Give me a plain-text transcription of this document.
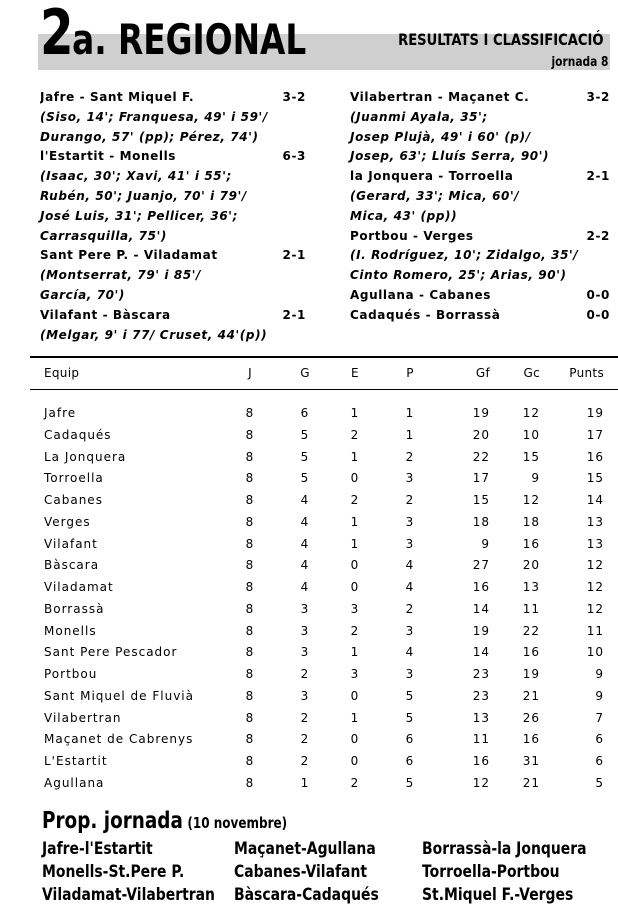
2a. REGIONAL	RESULTATS I CLASSIFICACIÓ
jornada 8
Jafre - Sant Miquel F.	3-2
(Siso, 14'; Franquesa, 49' i 59'/
Durango, 57' (pp); Pérez, 74')
l'Estartit - Monells	6-3
(Isaac, 30'; Xavi, 41' i 55';
Rubén, 50'; Juanjo, 70' i 79'/
José Luis, 31'; Pellicer, 36';
Carrasquilla, 75')
Sant Pere P. - Viladamat	2-1
(Montserrat, 79' i 85'/
García, 70')
Vilafant - Bàscara	2-1
(Melgar, 9' i 77/ Cruset, 44'(p))
Vilabertran - Maçanet C.	3-2
(Juanmi Ayala, 35';
Josep Plujà, 49' i 60' (p)/
Josep, 63'; Lluís Serra, 90')
la Jonquera - Torroella	2-1
(Gerard, 33'; Mica, 60'/
Mica, 43' (pp))
Portbou - Verges	2-2
(I. Rodríguez, 10'; Zidalgo, 35'/
Cinto Romero, 25'; Arias, 90')
Agullana - Cabanes	0-0
Cadaqués - Borrassà	0-0
Equip	J	G	E	P	Gf	Gc	Punts
Jafre	8	6	1	1	19	12	19
Cadaqués	8	5	2	1	20	10	17
La Jonquera	8	5	1	2	22	15	16
Torroella	8	5	0	3	17	9	15
Cabanes	8	4	2	2	15	12	14
Verges	8	4	1	3	18	18	13
Vilafant	8	4	1	3	9	16	13
Bàscara	8	4	0	4	27	20	12
Viladamat	8	4	0	4	16	13	12
Borrassà	8	3	3	2	14	11	12
Monells	8	3	2	3	19	22	11
Sant Pere Pescador	8	3	1	4	14	16	10
Portbou	8	2	3	3	23	19	9
Sant Miquel de Fluvià	8	3	0	5	23	21	9
Vilabertran	8	2	1	5	13	26	7
Maçanet de Cabrenys	8	2	0	6	11	16	6
L'Estartit	8	2	0	6	16	31	6
Agullana	8	1	2	5	12	21	5
Prop. jornada (10 novembre)
Jafre-l'Estartit
Monells-St.Pere P.
Viladamat-Vilabertran
Maçanet-Agullana
Cabanes-Vilafant
Bàscara-Cadaqués
Borrassà-la Jonquera
Torroella-Portbou
St.Miquel F.-Verges
